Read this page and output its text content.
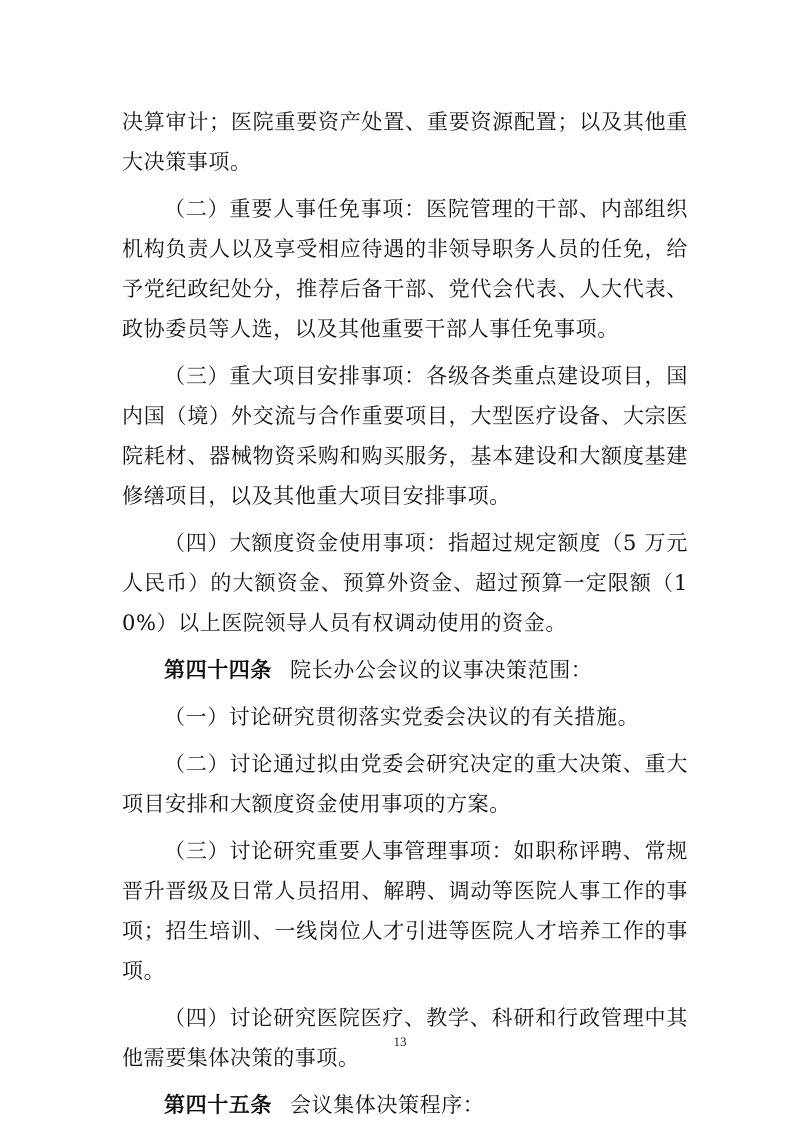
决算审计；医院重要资产处置、重要资源配置；以及其他重大决策事项。

（二）重要人事任免事项：医院管理的干部、内部组织机构负责人以及享受相应待遇的非领导职务人员的任免，给予党纪政纪处分，推荐后备干部、党代会代表、人大代表、政协委员等人选，以及其他重要干部人事任免事项。

（三）重大项目安排事项：各级各类重点建设项目，国内国（境）外交流与合作重要项目，大型医疗设备、大宗医院耗材、器械物资采购和购买服务，基本建设和大额度基建修缮项目，以及其他重大项目安排事项。

（四）大额度资金使用事项：指超过规定额度（5 万元人民币）的大额资金、预算外资金、超过预算一定限额（10%）以上医院领导人员有权调动使用的资金。

第四十四条 院长办公会议的议事决策范围：

（一）讨论研究贯彻落实党委会决议的有关措施。

（二）讨论通过拟由党委会研究决定的重大决策、重大项目安排和大额度资金使用事项的方案。

（三）讨论研究重要人事管理事项：如职称评聘、常规晋升晋级及日常人员招用、解聘、调动等医院人事工作的事项；招生培训、一线岗位人才引进等医院人才培养工作的事项。

（四）讨论研究医院医疗、教学、科研和行政管理中其他需要集体决策的事项。

第四十五条 会议集体决策程序：

13
